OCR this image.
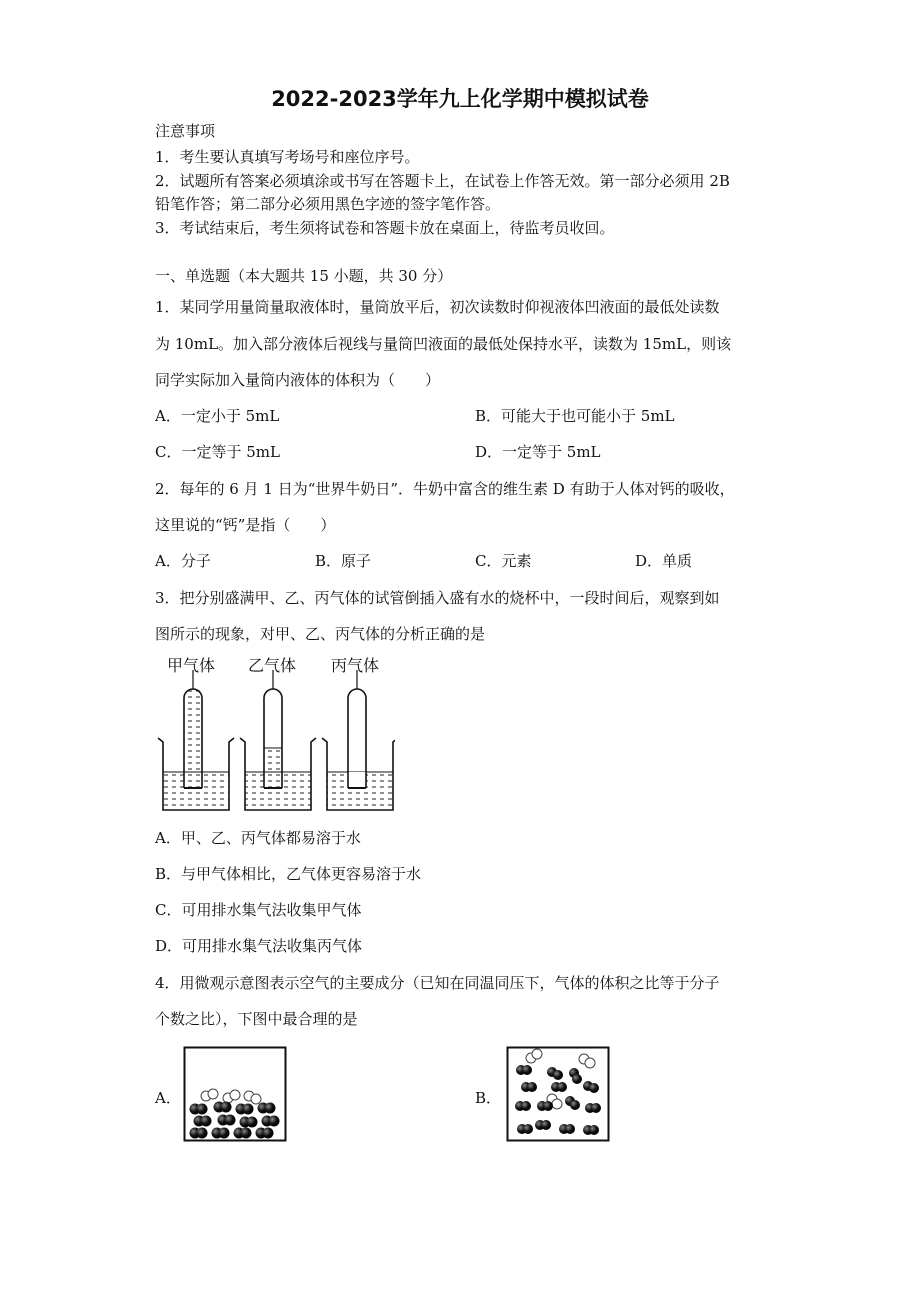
2022-2023学年九上化学期中模拟试卷
注意事项
1．考生要认真填写考场号和座位序号。
2．试题所有答案必须填涂或书写在答题卡上，在试卷上作答无效。第一部分必须用 2B
铅笔作答；第二部分必须用黑色字迹的签字笔作答。
3．考试结束后，考生须将试卷和答题卡放在桌面上，待监考员收回。
一、单选题（本大题共 15 小题，共 30 分）
1．某同学用量筒量取液体时，量筒放平后，初次读数时仰视液体凹液面的最低处读数
为 10mL。加入部分液体后视线与量筒凹液面的最低处保持水平，读数为 15mL，则该
同学实际加入量筒内液体的体积为（　　）
A．一定小于 5mL	B．可能大于也可能小于 5mL
C．一定等于 5mL	D．一定等于 5mL
2．每年的 6 月 1 日为“世界牛奶日”．牛奶中富含的维生素 D 有助于人体对钙的吸收，
这里说的“钙”是指（　　）
A．分子	B．原子	C．元素	D．单质
3．把分别盛满甲、乙、丙气体的试管倒插入盛有水的烧杯中，一段时间后，观察到如
图所示的现象，对甲、乙、丙气体的分析正确的是
甲气体 乙气体 丙气体
A．甲、乙、丙气体都易溶于水
B．与甲气体相比，乙气体更容易溶于水
C．可用排水集气法收集甲气体
D．可用排水集气法收集丙气体
4．用微观示意图表示空气的主要成分（已知在同温同压下，气体的体积之比等于分子
个数之比），下图中最合理的是
A．	B．
